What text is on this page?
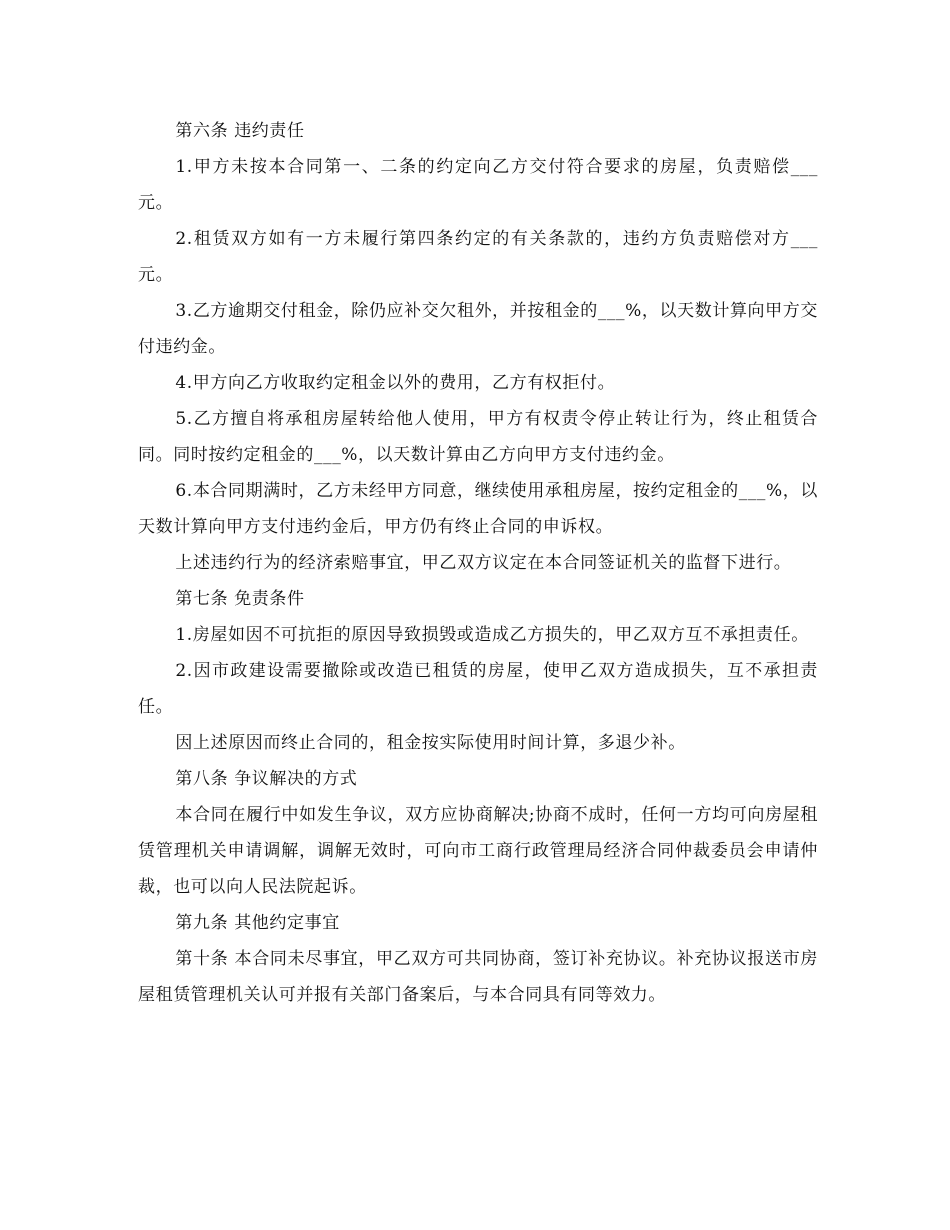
第六条 违约责任

1.甲方未按本合同第一、二条的约定向乙方交付符合要求的房屋，负责赔偿___元。

2.租赁双方如有一方未履行第四条约定的有关条款的，违约方负责赔偿对方___元。

3.乙方逾期交付租金，除仍应补交欠租外，并按租金的___%，以天数计算向甲方交付违约金。

4.甲方向乙方收取约定租金以外的费用，乙方有权拒付。

5.乙方擅自将承租房屋转给他人使用，甲方有权责令停止转让行为，终止租赁合同。同时按约定租金的___%，以天数计算由乙方向甲方支付违约金。

6.本合同期满时，乙方未经甲方同意，继续使用承租房屋，按约定租金的___%，以天数计算向甲方支付违约金后，甲方仍有终止合同的申诉权。

上述违约行为的经济索赔事宜，甲乙双方议定在本合同签证机关的监督下进行。

第七条 免责条件

1.房屋如因不可抗拒的原因导致损毁或造成乙方损失的，甲乙双方互不承担责任。

2.因市政建设需要撤除或改造已租赁的房屋，使甲乙双方造成损失，互不承担责任。

因上述原因而终止合同的，租金按实际使用时间计算，多退少补。

第八条 争议解决的方式

本合同在履行中如发生争议，双方应协商解决;协商不成时，任何一方均可向房屋租赁管理机关申请调解，调解无效时，可向市工商行政管理局经济合同仲裁委员会申请仲裁，也可以向人民法院起诉。

第九条 其他约定事宜

第十条 本合同未尽事宜，甲乙双方可共同协商，签订补充协议。补充协议报送市房屋租赁管理机关认可并报有关部门备案后，与本合同具有同等效力。
